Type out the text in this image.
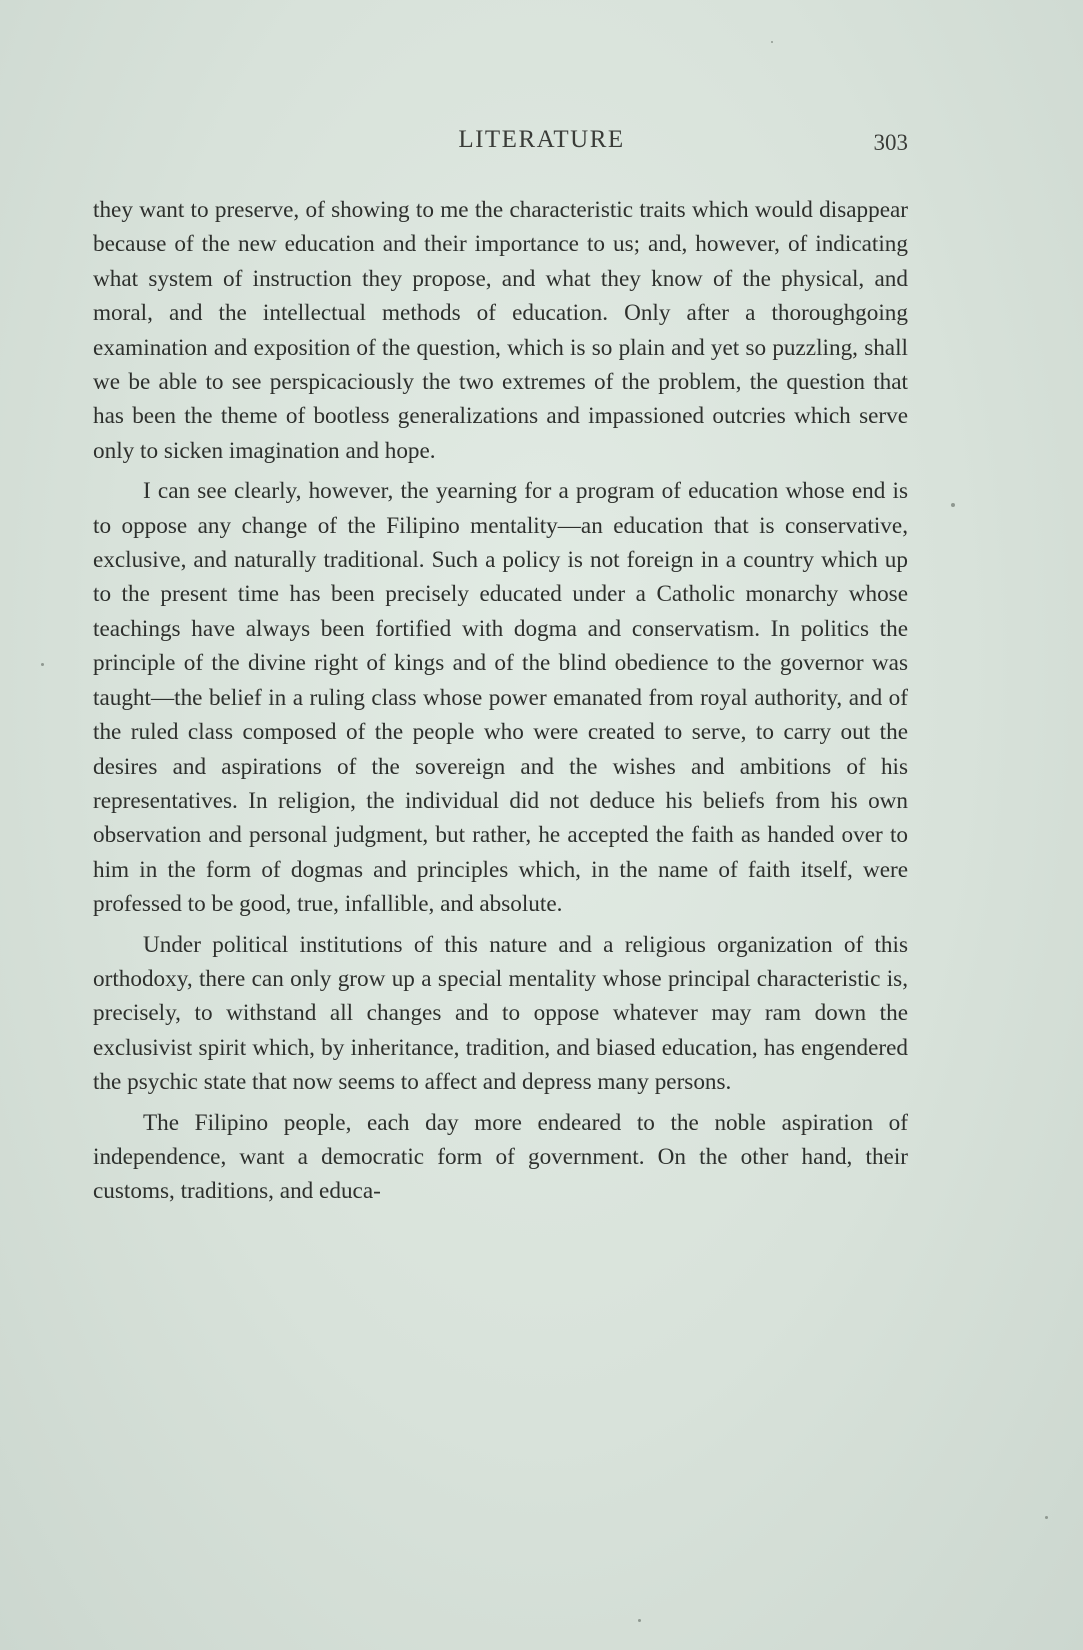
LITERATURE	303

they want to preserve, of showing to me the characteristic traits which would disappear because of the new education and their importance to us; and, however, of indicating what system of instruction they propose, and what they know of the physical, and moral, and the intellectual methods of education. Only after a thoroughgoing examination and exposition of the question, which is so plain and yet so puzzling, shall we be able to see perspicaciously the two extremes of the problem, the question that has been the theme of bootless generalizations and impassioned outcries which serve only to sicken imagination and hope.

I can see clearly, however, the yearning for a program of education whose end is to oppose any change of the Filipino mentality—an education that is conservative, exclusive, and naturally traditional. Such a policy is not foreign in a country which up to the present time has been precisely educated under a Catholic monarchy whose teachings have always been fortified with dogma and conservatism. In politics the principle of the divine right of kings and of the blind obedience to the governor was taught—the belief in a ruling class whose power emanated from royal authority, and of the ruled class composed of the people who were created to serve, to carry out the desires and aspirations of the sovereign and the wishes and ambitions of his representatives. In religion, the individual did not deduce his beliefs from his own observation and personal judgment, but rather, he accepted the faith as handed over to him in the form of dogmas and principles which, in the name of faith itself, were professed to be good, true, infallible, and absolute.

Under political institutions of this nature and a religious organization of this orthodoxy, there can only grow up a special mentality whose principal characteristic is, precisely, to withstand all changes and to oppose whatever may ram down the exclusivist spirit which, by inheritance, tradition, and biased education, has engendered the psychic state that now seems to affect and depress many persons.

The Filipino people, each day more endeared to the noble aspiration of independence, want a democratic form of government. On the other hand, their customs, traditions, and educa-
